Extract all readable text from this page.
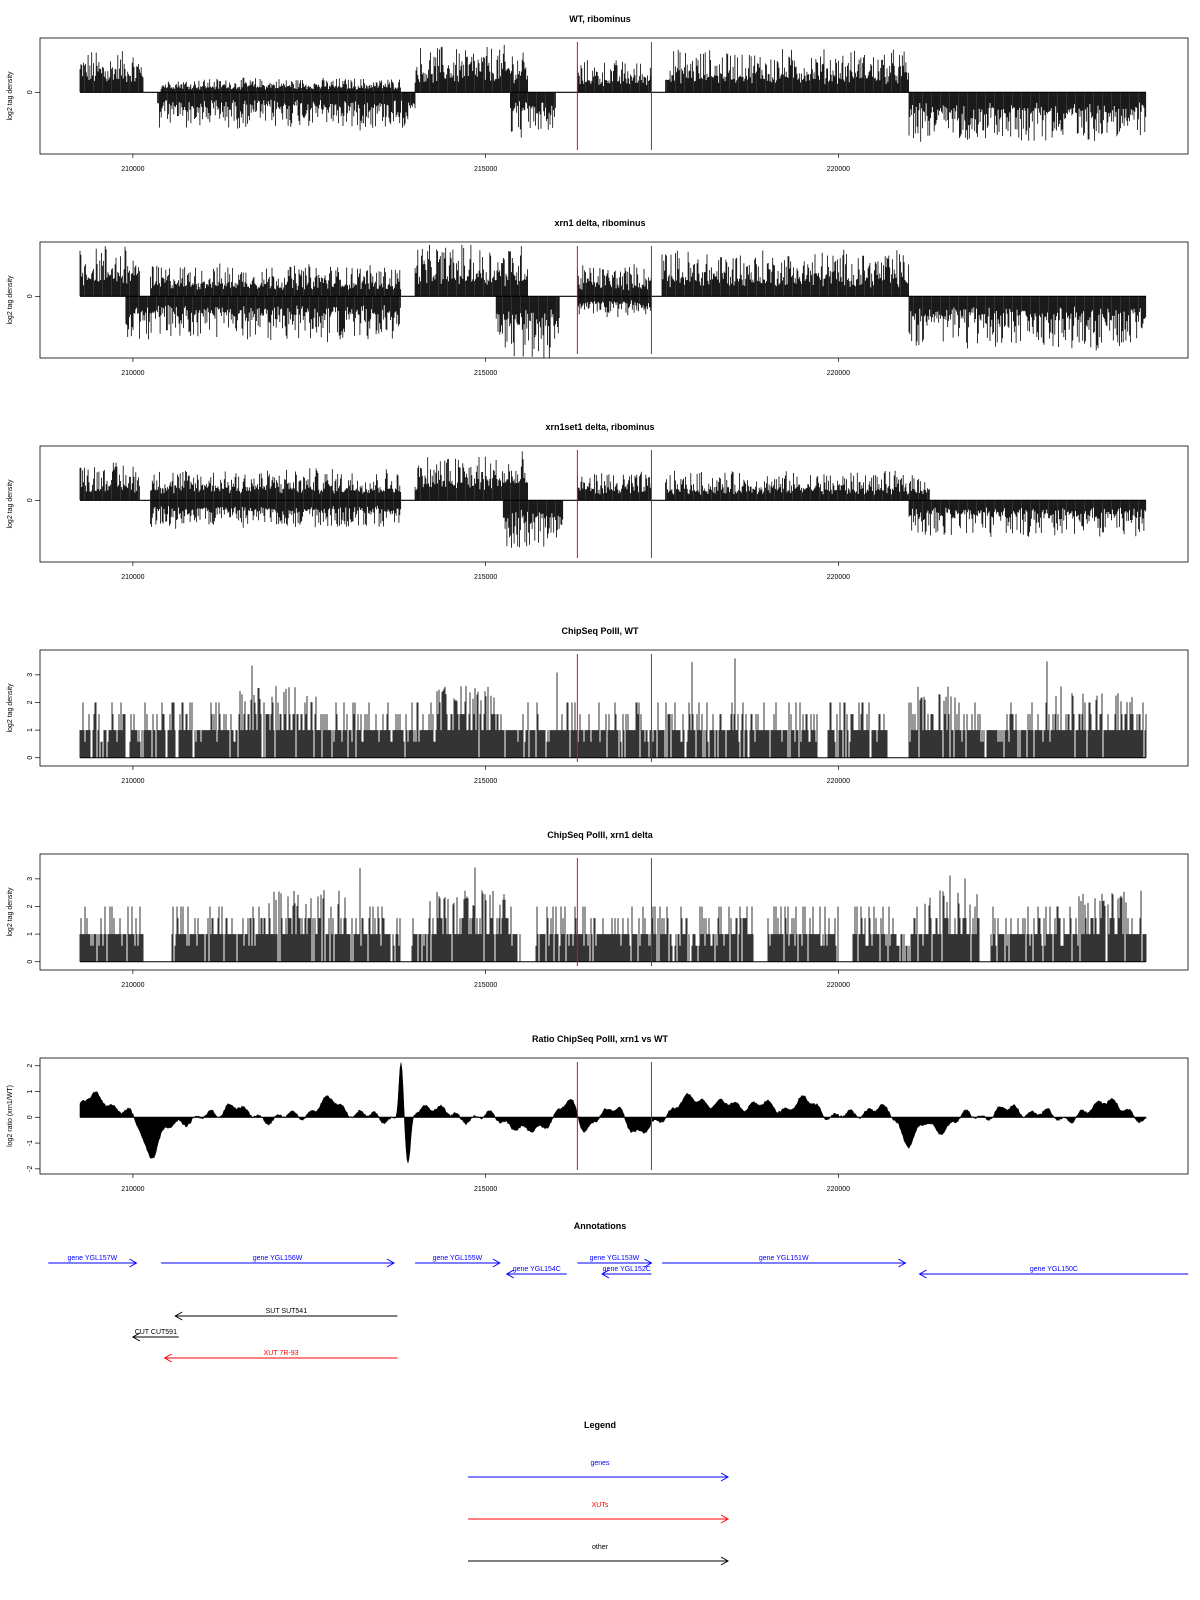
WT, ribominus
0
log2 tag density
210000	215000	220000
xrn1 delta, ribominus
0
log2 tag density
210000	215000	220000
xrn1set1 delta, ribominus
0
log2 tag density
210000	215000	220000
ChipSeq PolII, WT
0
1
2
3
log2 tag density
210000	215000	220000
ChipSeq PolII, xrn1 delta
0
1
2
3
log2 tag density
210000	215000	220000
Ratio ChipSeq PolII, xrn1 vs WT
-2
-1
0
1
2
log2 ratio (xrn1/WT)
210000	215000	220000
Annotations
gene YGL157W	gene YGL156W	gene YGL155W
gene YGL154C
gene YGL153W
gene YGL152C
gene YGL151W
gene YGL150C
SUT SUT541
CUT CUT591
XUT 7R-93
Legend
genes
XUTs
other
